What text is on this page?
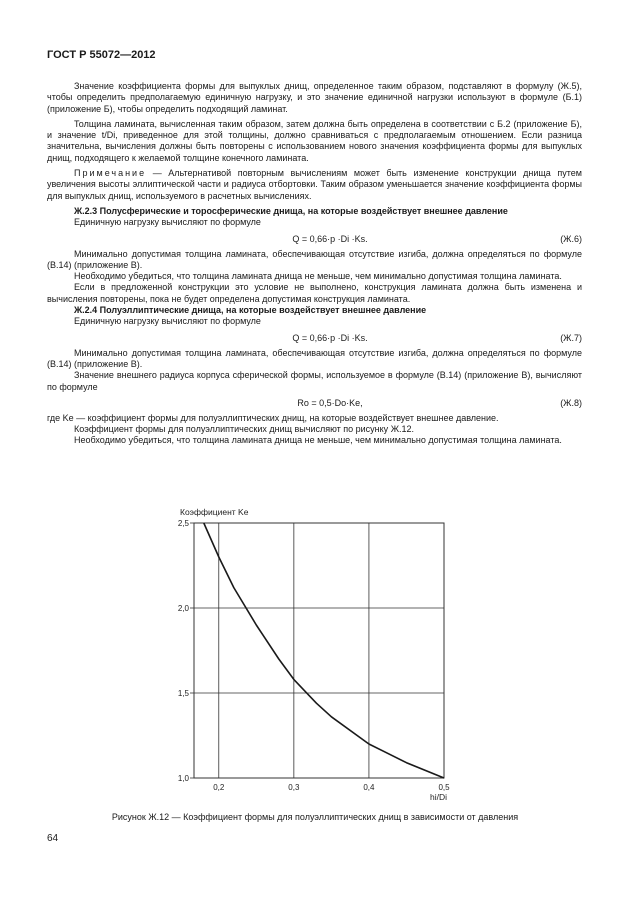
ГОСТ Р 55072—2012

Значение коэффициента формы для выпуклых днищ, определенное таким образом, подставляют в формулу (Ж.5), чтобы определить предполагаемую единичную нагрузку, и это значение единичной нагрузки используют в формуле (Б.1) (приложение Б), чтобы определить подходящий ламинат.

Толщина ламината, вычисленная таким образом, затем должна быть определена в соответствии с Б.2 (приложение Б), и значение t/Di, приведенное для этой толщины, должно сравниваться с предполагаемым отношением. Если разница значительна, вычисления должны быть повторены с использованием нового значения коэффициента формы для выпуклых днищ, подходящего к желаемой толщине конечного ламината.

Примечание — Альтернативой повторным вычислениям может быть изменение конструкции днища путем увеличения высоты эллиптической части и радиуса отбортовки. Таким образом уменьшается значение коэффициента формы для выпуклых днищ, используемого в расчетных вычислениях.

Ж.2.3 Полусферические и торосферические днища, на которые воздействует внешнее давление

Единичную нагрузку вычисляют по формуле

Q = 0,66·p ·Di ·Ks.	(Ж.6)

Минимально допустимая толщина ламината, обеспечивающая отсутствие изгиба, должна определяться по формуле (В.14) (приложение В).

Необходимо убедиться, что толщина ламината днища не меньше, чем минимально допустимая толщина ламината.

Если в предложенной конструкции это условие не выполнено, конструкция ламината должна быть изменена и вычисления повторены, пока не будет определена допустимая конструкция ламината.

Ж.2.4 Полуэллиптические днища, на которые воздействует внешнее давление

Единичную нагрузку вычисляют по формуле

Q = 0,66·p ·Di ·Ks.	(Ж.7)

Минимально допустимая толщина ламината, обеспечивающая отсутствие изгиба, должна определяться по формуле (В.14) (приложение В).

Значение внешнего радиуса корпуса сферической формы, используемое в формуле (В.14) (приложение В), вычисляют по формуле

Ro = 0,5·Do·Ke,	(Ж.8)

где Ke — коэффициент формы для полуэллиптических днищ, на которые воздействует внешнее давление.

Коэффициент формы для полуэллиптических днищ вычисляют по рисунку Ж.12.

Необходимо убедиться, что толщина ламината днища не меньше, чем минимально допустимая толщина ламината.

0,2	0,3	0,4	0,5
1,0
1,5
2,0
2,5
Коэффициент Ke
hi/Di
Рисунок Ж.12 — Коэффициент формы для полуэллиптических днищ в зависимости от давления
64
